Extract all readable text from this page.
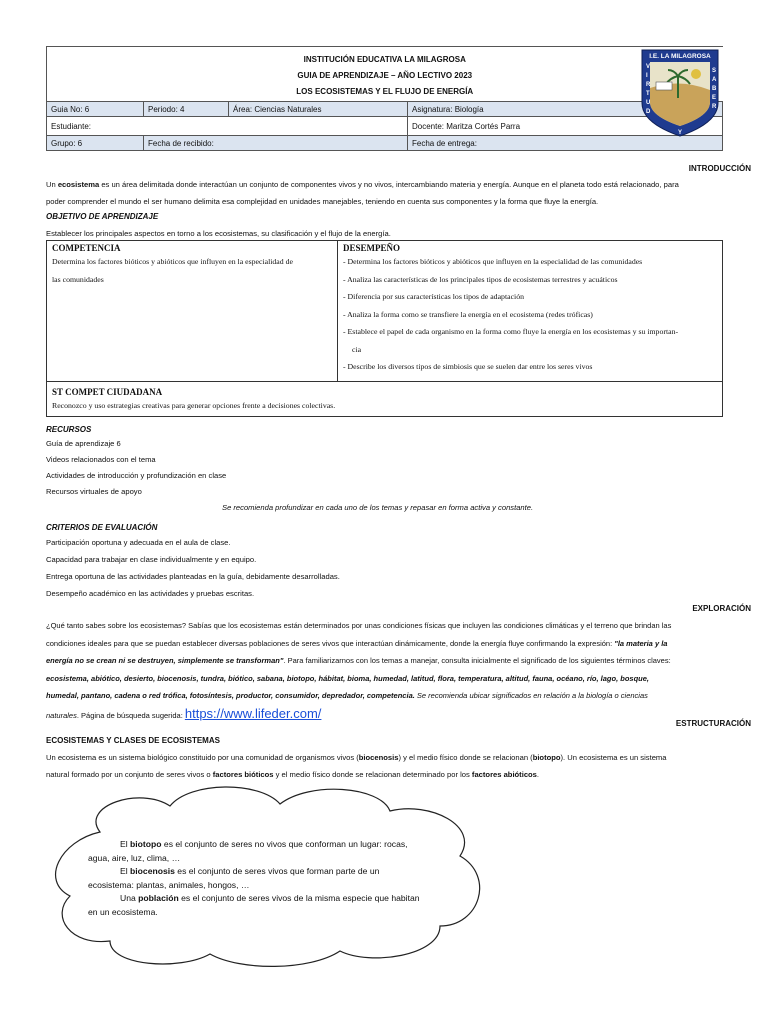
INSTITUCIÓN EDUCATIVA LA MILAGROSA
GUIA DE APRENDIZAJE – AÑO LECTIVO 2023
LOS ECOSISTEMAS Y EL FLUJO DE ENERGÍA			

Guia No: 6	Periodo: 4	Área: Ciencias Naturales	Asignatura: Biología
Estudiante:			Docente: Maritza Cortés Parra
Grupo: 6	Fecha de recibido:		Fecha de entrega:
I.E. LA MILAGROSA
V
I
R
T
U
D
S
A
B
E
R
Y
INTRODUCCIÓN
Un ecosistema es un área delimitada donde interactúan un conjunto de componentes vivos y no vivos, intercambiando materia y energía. Aunque en el planeta todo está relacionado, para
poder comprender el mundo el ser humano delimita esa complejidad en unidades manejables, teniendo en cuenta sus componentes y la forma que fluye la energía.
OBJETIVO DE APRENDIZAJE
Establecer los principales aspectos en torno a los ecosistemas, su clasificación y el flujo de la energía.
COMPETENCIA
Determina los factores bióticos y abióticos que influyen en la especialidad de
las comunidades

DESEMPEÑO
- Determina los factores bióticos y abióticos que influyen en la especialidad de las comunidades
- Analiza las características de los principales tipos de ecosistemas terrestres y acuáticos
- Diferencia por sus características los tipos de adaptación
- Analiza la forma como se transfiere la energía en el ecosistema (redes tróficas)
- Establece el papel de cada organismo en la forma como fluye la energía en los ecosistemas y su importan-
cia
- Describe los diversos tipos de simbiosis que se suelen dar entre los seres vivos

ST COMPET CIUDADANA
Reconozco y uso estrategias creativas para generar opciones frente a decisiones colectivas.
RECURSOS
Guía de aprendizaje 6
Videos relacionados con el tema
Actividades de introducción y profundización en clase
Recursos virtuales de apoyo
Se recomienda profundizar en cada uno de los temas y repasar en forma activa y constante.
CRITERIOS DE EVALUACIÓN
Participación oportuna y adecuada en el aula de clase.
Capacidad para trabajar en clase individualmente y en equipo.
Entrega oportuna de las actividades planteadas en la guía, debidamente desarrolladas.
Desempeño académico en las actividades y pruebas escritas.
EXPLORACIÓN
¿Qué tanto sabes sobre los ecosistemas? Sabías que los ecosistemas están determinados por unas condiciones físicas que incluyen las condiciones climáticas y el terreno que brindan las
condiciones ideales para que se puedan establecer diversas poblaciones de seres vivos que interactúan dinámicamente, donde la energía fluye confirmando la expresión: "la materia y la
energía no se crean ni se destruyen, simplemente se transforman". Para familiarizarnos con los temas a manejar, consulta inicialmente el significado de los siguientes términos claves:
ecosistema, abiótico, desierto, biocenosis, tundra, biótico, sabana, biotopo, hábitat, bioma, humedad, latitud, flora, temperatura, altitud, fauna, océano, río, lago, bosque,
humedal, pantano, cadena o red trófica, fotosíntesis, productor, consumidor, depredador, competencia. Se recomienda ubicar significados en relación a la biología o ciencias
naturales. Página de búsqueda sugerida: https://www.lifeder.com/
ESTRUCTURACIÓN
ECOSISTEMAS Y CLASES DE ECOSISTEMAS
Un ecosistema es un sistema biológico constituido por una comunidad de organismos vivos (biocenosis) y el medio físico donde se relacionan (biotopo). Un ecosistema es un sistema
natural formado por un conjunto de seres vivos o factores bióticos y el medio físico donde se relacionan determinado por los factores abióticos.
El biotopo es el conjunto de seres no vivos que conforman un lugar: rocas,
agua, aire, luz, clima, …
El biocenosis es el conjunto de seres vivos que forman parte de un
ecosistema: plantas, animales, hongos, …
Una población es el conjunto de seres vivos de la misma especie que habitan
en un ecosistema.
